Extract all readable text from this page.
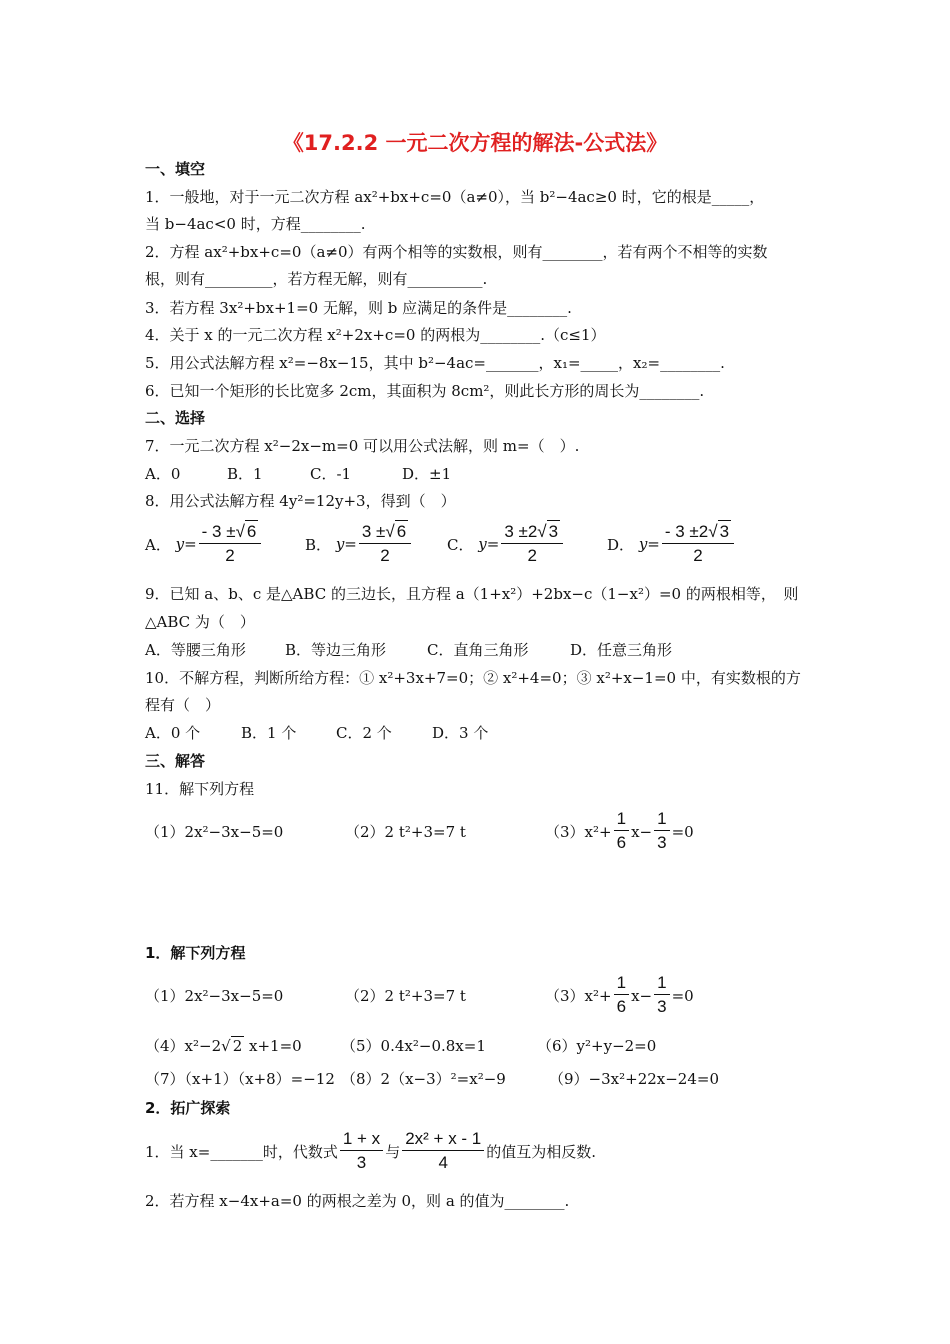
《17.2.2 一元二次方程的解法-公式法》
一、填空
1．一般地，对于一元二次方程 ax²+bx+c=0（a≠0），当 b²−4ac≥0 时，它的根是_____，
当 b−4ac<0 时，方程________.
2．方程 ax²+bx+c=0（a≠0）有两个相等的实数根，则有________，若有两个不相等的实数
根，则有_________，若方程无解，则有__________.
3．若方程 3x²+bx+1=0 无解，则 b 应满足的条件是________.
4．关于 x 的一元二次方程 x²+2x+c=0 的两根为________.（c≤1）
5．用公式法解方程 x²=−8x−15，其中 b²−4ac=_______，x₁=_____，x₂=________.
6．已知一个矩形的长比宽多 2cm，其面积为 8cm²，则此长方形的周长为________.
二、选择
7．一元二次方程 x²−2x−m=0 可以用公式法解，则 m=（　）.
A．0	B．1	C．-1	D．±1
8．用公式法解方程 4y²=12y+3，得到（　）
A． $y= \frac{- 3 \pm√ 6}{2}$	B． $y= \frac{3 \pm√ 6}{2}$ C． $y= \frac{3 \pm 2√ 3}{2}$	D． $y= \frac{- 3 \pm 2√ 3}{2}$
9．已知 a、b、c 是△ABC 的三边长，且方程 a（1+x²）+2bx−c（1−x²）=0 的两根相等，　则
△ABC 为（　）
A．等腰三角形	B．等边三角形	C．直角三角形	D．任意三角形
10．不解方程，判断所给方程：① x²+3x+7=0；② x²+4=0；③ x²+x−1=0 中，有实数根的方
程有（　）
A．0 个	B．1 个	C．2 个	D．3 个
三、解答
11．解下列方程
（1）2x²−3x−5=0	（2）2 t²+3=7 t	$(3)x^2+ \frac{1}{6} x- \frac{1}{3} =0$
1．解下列方程
（1）2x²−3x−5=0	（2）2 t²+3=7 t	$(3)x^2+ \frac{1}{6} x- \frac{1}{3} =0$
（4）x²−2√ 2 x+1=0	（5）0.4x²−0.8x=1	（6）y²+y−2=0
（7）（x+1）（x+8）=−12 （8）2（x−3）²=x²−9	（9）−3x²+22x−24=0
2．拓广探索
1．当 x=_______时，代数式 $\frac{1 + x}{3}$ 与 $\frac{\text{2x² + x - 1}}{4}$ 的值互为相反数.
2．若方程 x−4x+a=0 的两根之差为 0，则 a 的值为________.
